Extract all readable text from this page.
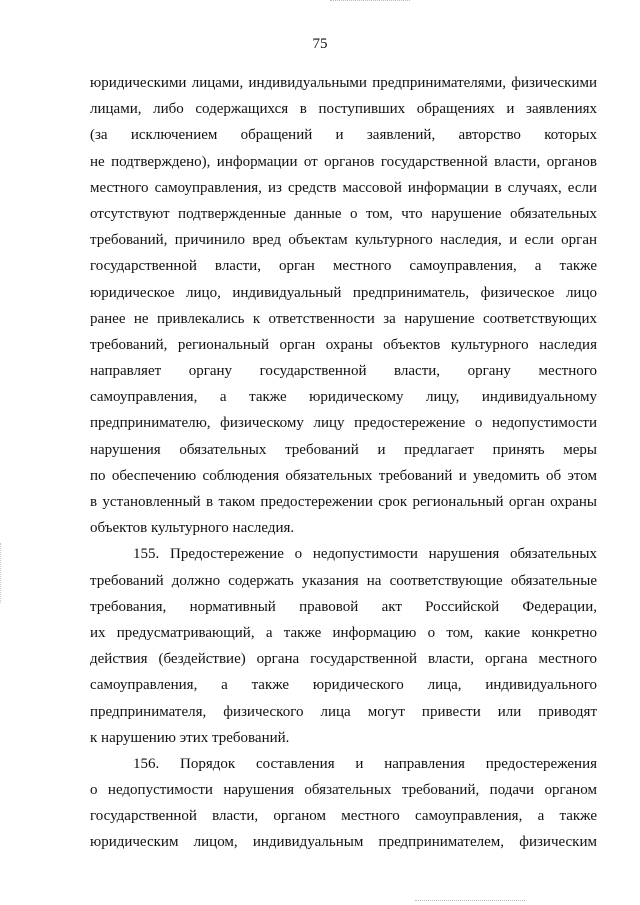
75
юридическими лицами, индивидуальными предпринимателями, физическими
лицами, либо содержащихся в поступивших обращениях и заявлениях
(за исключением обращений и заявлений, авторство которых
не подтверждено), информации от органов государственной власти, органов
местного самоуправления, из средств массовой информации в случаях, если
отсутствуют подтвержденные данные о том, что нарушение обязательных
требований, причинило вред объектам культурного наследия, и если орган
государственной власти, орган местного самоуправления, а также
юридическое лицо, индивидуальный предприниматель, физическое лицо
ранее не привлекались к ответственности за нарушение соответствующих
требований, региональный орган охраны объектов культурного наследия
направляет органу государственной власти, органу местного
самоуправления, а также юридическому лицу, индивидуальному
предпринимателю, физическому лицу предостережение о недопустимости
нарушения обязательных требований и предлагает принять меры
по обеспечению соблюдения обязательных требований и уведомить об этом
в установленный в таком предостережении срок региональный орган охраны
объектов культурного наследия.
155. Предостережение о недопустимости нарушения обязательных
требований должно содержать указания на соответствующие обязательные
требования, нормативный правовой акт Российской Федерации,
их предусматривающий, а также информацию о том, какие конкретно
действия (бездействие) органа государственной власти, органа местного
самоуправления, а также юридического лица, индивидуального
предпринимателя, физического лица могут привести или приводят
к нарушению этих требований.
156. Порядок составления и направления предостережения
о недопустимости нарушения обязательных требований, подачи органом
государственной власти, органом местного самоуправления, а также
юридическим лицом, индивидуальным предпринимателем, физическим
